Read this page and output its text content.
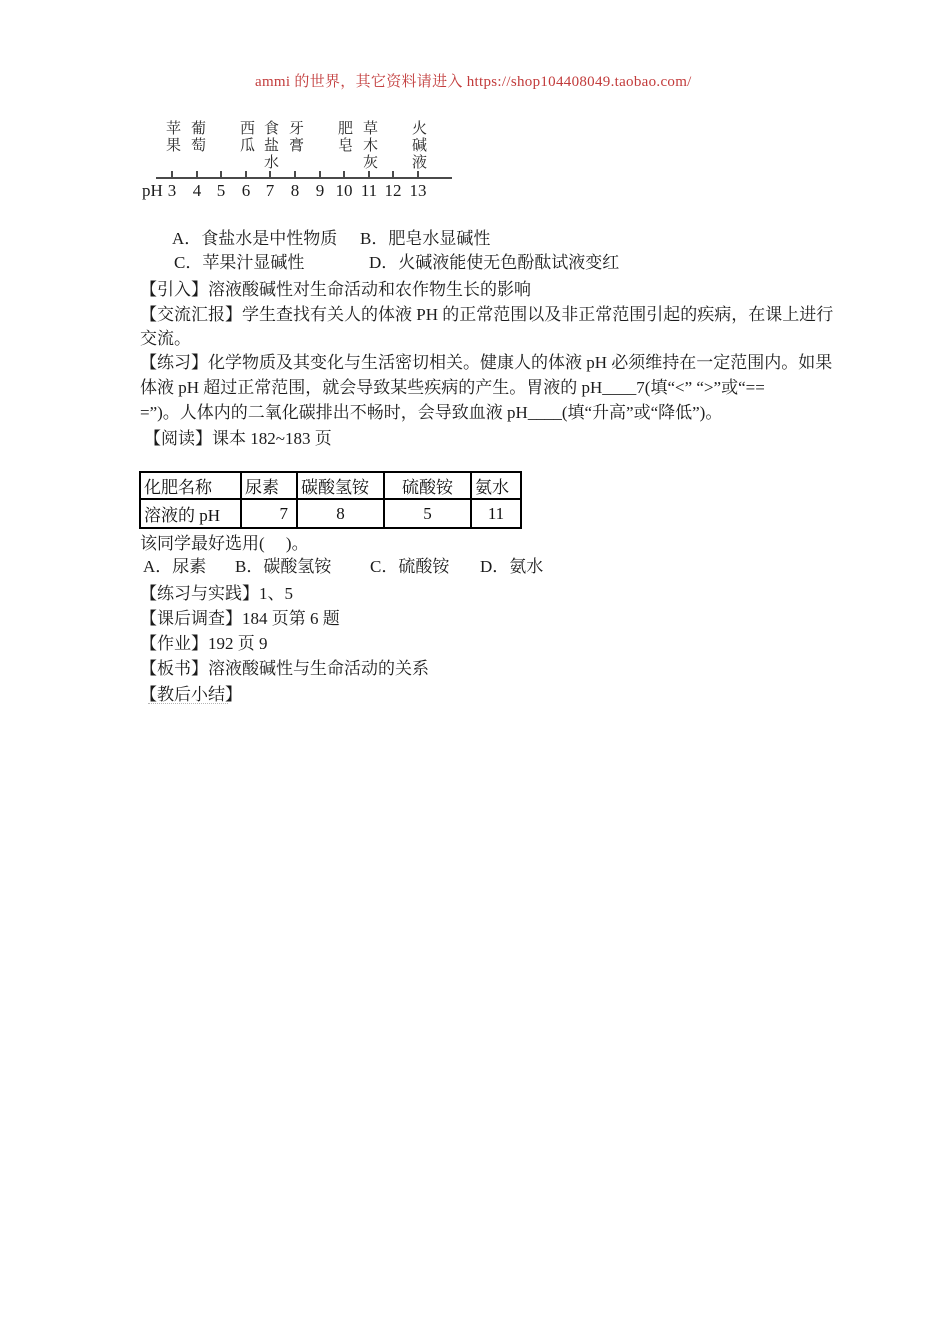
ammi 的世界，其它资料请进入 https://shop104408049.taobao.com/
苹果 葡萄 西瓜 食盐水 牙膏 肥皂 草木灰 火碱液
pH 3 4 5 6 7 8 9 10 11 12 13
A．食盐水是中性物质 B．肥皂水显碱性
C．苹果汁显碱性	D．火碱液能使无色酚酞试液变红
【引入】溶液酸碱性对生命活动和农作物生长的影响
【交流汇报】学生查找有关人的体液 PH 的正常范围以及非正常范围引起的疾病，在课上进行
交流。
【练习】化学物质及其变化与生活密切相关。健康人的体液 pH 必须维持在一定范围内。如果
体液 pH 超过正常范围，就会导致某些疾病的产生。胃液的 pH____7(填“<” “>”或“==
=”)。人体内的二氧化碳排出不畅时，会导致血液 pH____(填“升高”或“降低”)。
【阅读】课本 182~183 页
化肥名称	尿素	碳酸氢铵	硫酸铵	氨水
溶液的 pH	7	8	5	11
该同学最好选用(     )。
A．尿素 B．碳酸氢铵 C．硫酸铵 D．氨水
【练习与实践】1、5
【课后调查】184 页第 6 题
【作业】192 页 9
【板书】溶液酸碱性与生命活动的关系
【教后小结】
